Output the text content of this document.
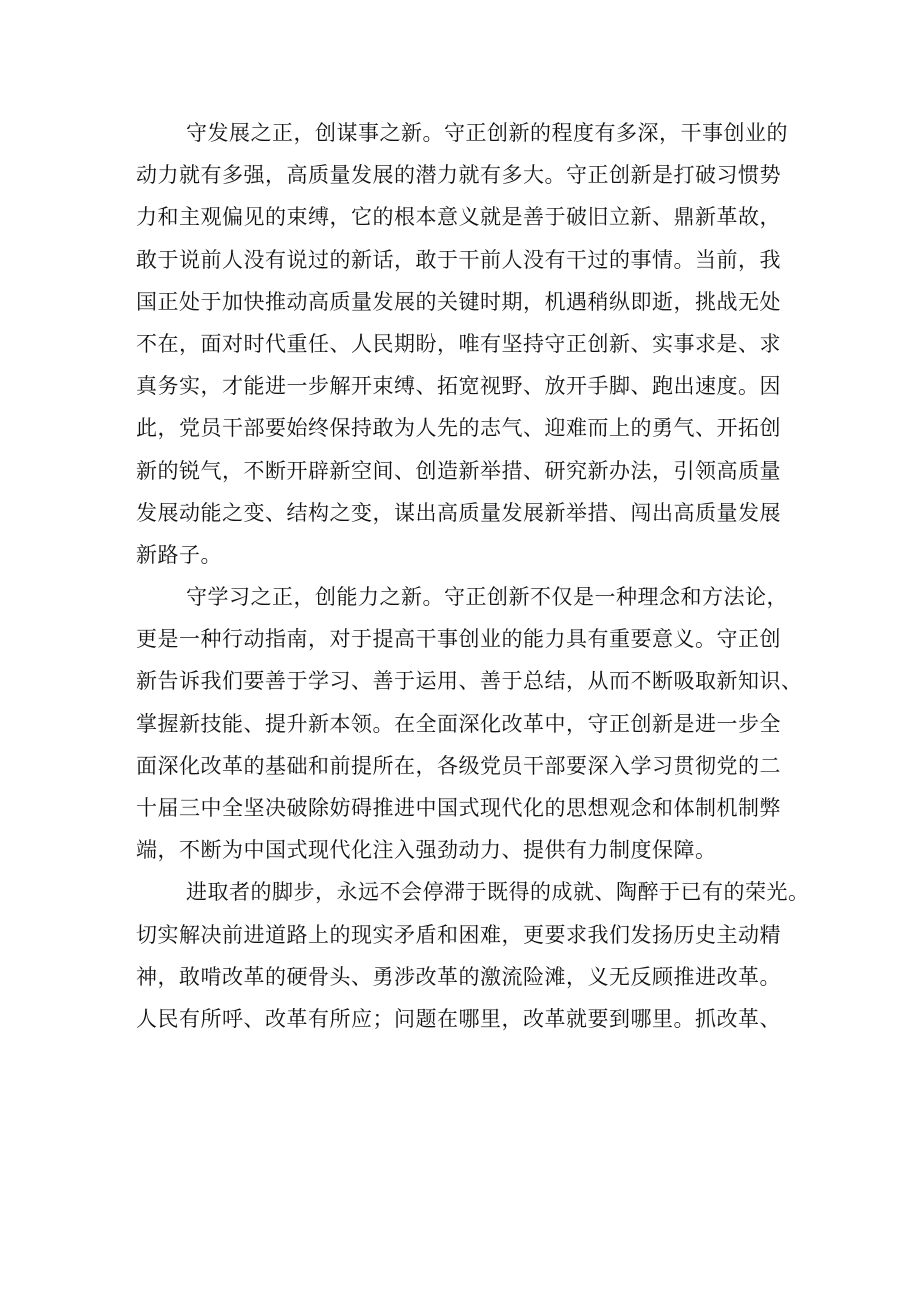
守发展之正，创谋事之新。守正创新的程度有多深，干事创业的
动力就有多强，高质量发展的潜力就有多大。守正创新是打破习惯势
力和主观偏见的束缚，它的根本意义就是善于破旧立新、鼎新革故，
敢于说前人没有说过的新话，敢于干前人没有干过的事情。当前，我
国正处于加快推动高质量发展的关键时期，机遇稍纵即逝，挑战无处
不在，面对时代重任、人民期盼，唯有坚持守正创新、实事求是、求
真务实，才能进一步解开束缚、拓宽视野、放开手脚、跑出速度。因
此，党员干部要始终保持敢为人先的志气、迎难而上的勇气、开拓创
新的锐气，不断开辟新空间、创造新举措、研究新办法，引领高质量
发展动能之变、结构之变，谋出高质量发展新举措、闯出高质量发展
新路子。
守学习之正，创能力之新。守正创新不仅是一种理念和方法论，
更是一种行动指南，对于提高干事创业的能力具有重要意义。守正创
新告诉我们要善于学习、善于运用、善于总结，从而不断吸取新知识、
掌握新技能、提升新本领。在全面深化改革中，守正创新是进一步全
面深化改革的基础和前提所在，各级党员干部要深入学习贯彻党的二
十届三中全坚决破除妨碍推进中国式现代化的思想观念和体制机制弊
端，不断为中国式现代化注入强劲动力、提供有力制度保障。
进取者的脚步，永远不会停滞于既得的成就、陶醉于已有的荣光。
切实解决前进道路上的现实矛盾和困难，更要求我们发扬历史主动精
神，敢啃改革的硬骨头、勇涉改革的激流险滩，义无反顾推进改革。
人民有所呼、改革有所应；问题在哪里，改革就要到哪里。抓改革、
